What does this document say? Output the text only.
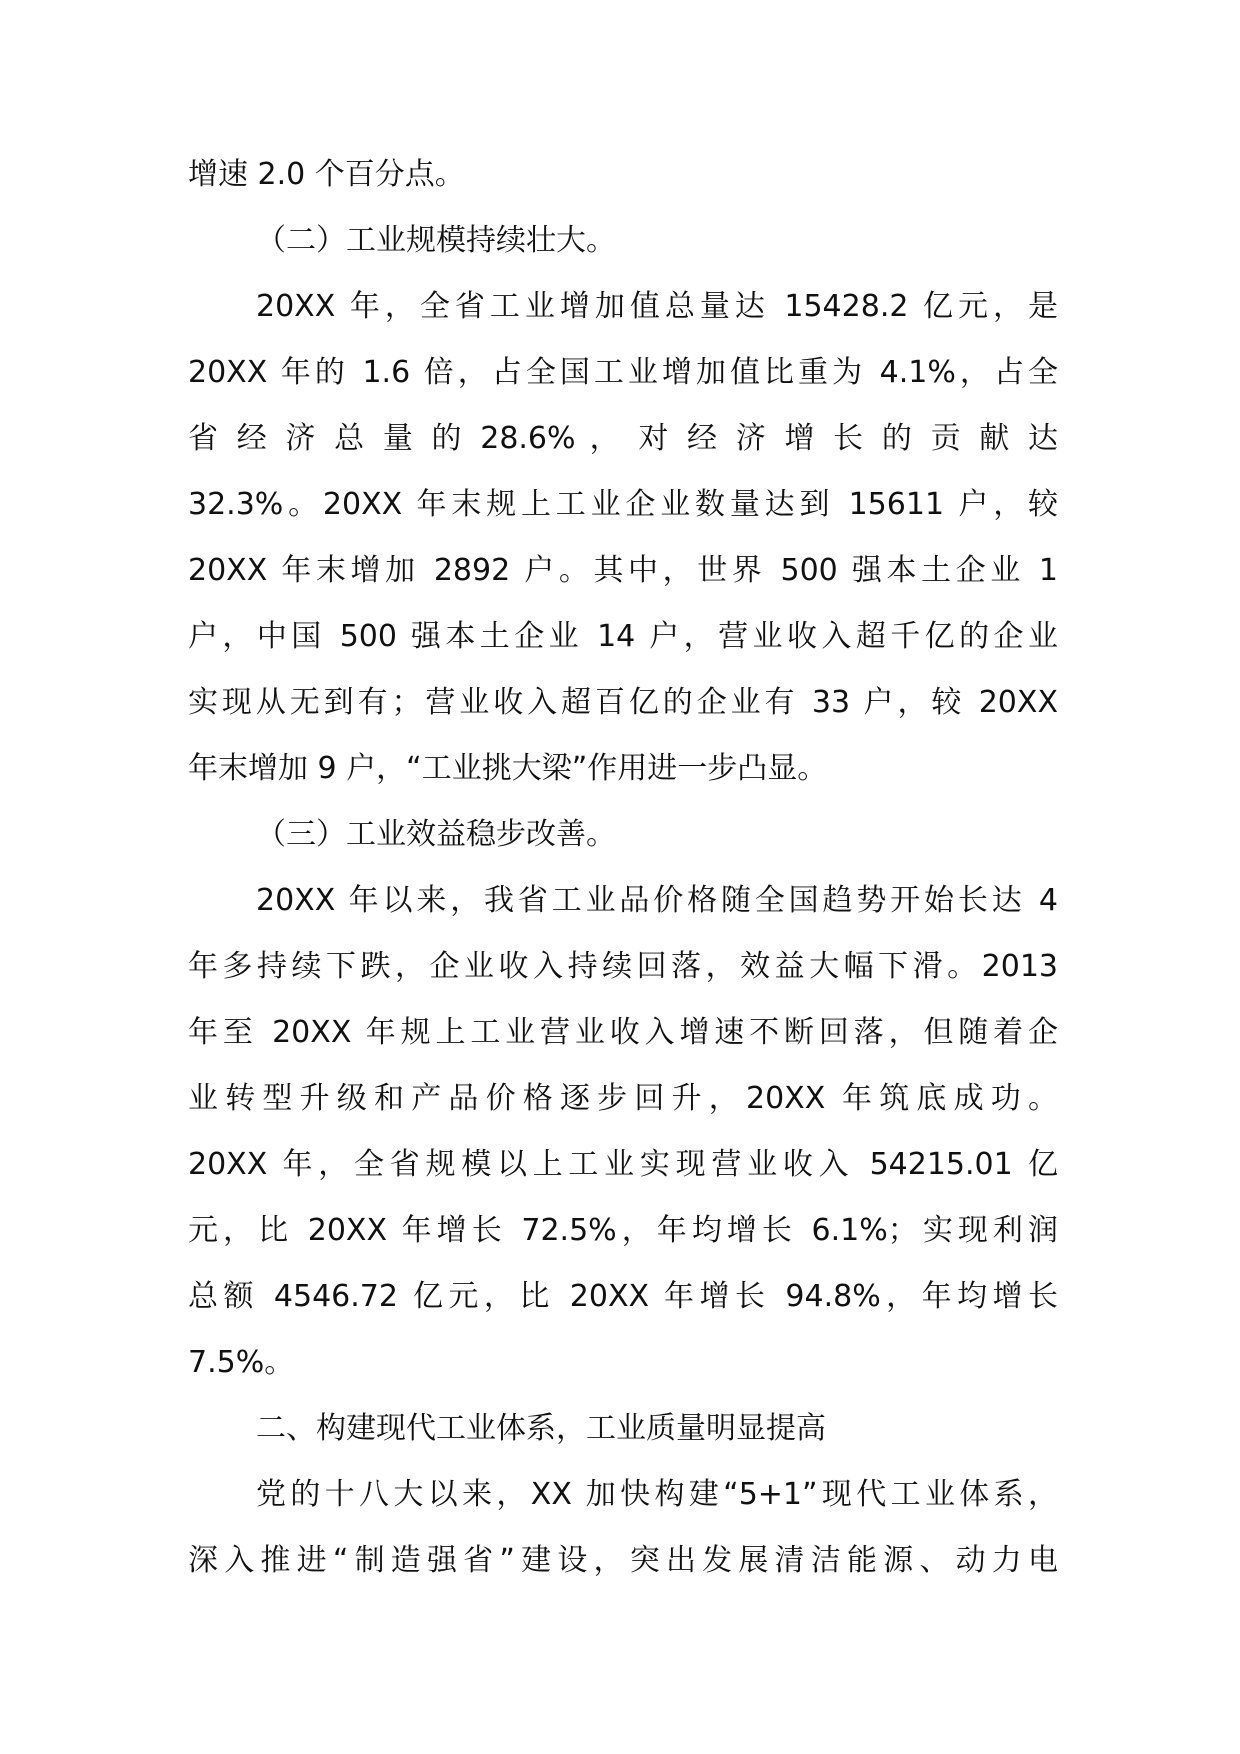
增速 2.0 个百分点。
（二）工业规模持续壮大。
20XX 年，全省工业增加值总量达 15428.2 亿元，是
20XX 年的 1.6 倍，占全国工业增加值比重为 4.1%，占全
省 经 济 总 量 的 28.6% ， 对 经 济 增 长 的 贡 献 达
32.3%。20XX 年末规上工业企业数量达到 15611 户，较
20XX 年末增加 2892 户。其中，世界 500 强本土企业 1
户，中国 500 强本土企业 14 户，营业收入超千亿的企业
实现从无到有；营业收入超百亿的企业有 33 户，较 20XX
年末增加 9 户，“工业挑大梁”作用进一步凸显。
（三）工业效益稳步改善。
20XX 年以来，我省工业品价格随全国趋势开始长达 4
年多持续下跌，企业收入持续回落，效益大幅下滑。2013
年至 20XX 年规上工业营业收入增速不断回落，但随着企
业转型升级和产品价格逐步回升，20XX 年筑底成功。
20XX 年，全省规模以上工业实现营业收入 54215.01 亿
元，比 20XX 年增长 72.5%，年均增长 6.1%；实现利润
总额 4546.72 亿元，比 20XX 年增长 94.8%，年均增长
7.5%。
二、构建现代工业体系，工业质量明显提高
党的十八大以来，XX 加快构建“5+1”现代工业体系，
深入推进“制造强省”建设，突出发展清洁能源、动力电
